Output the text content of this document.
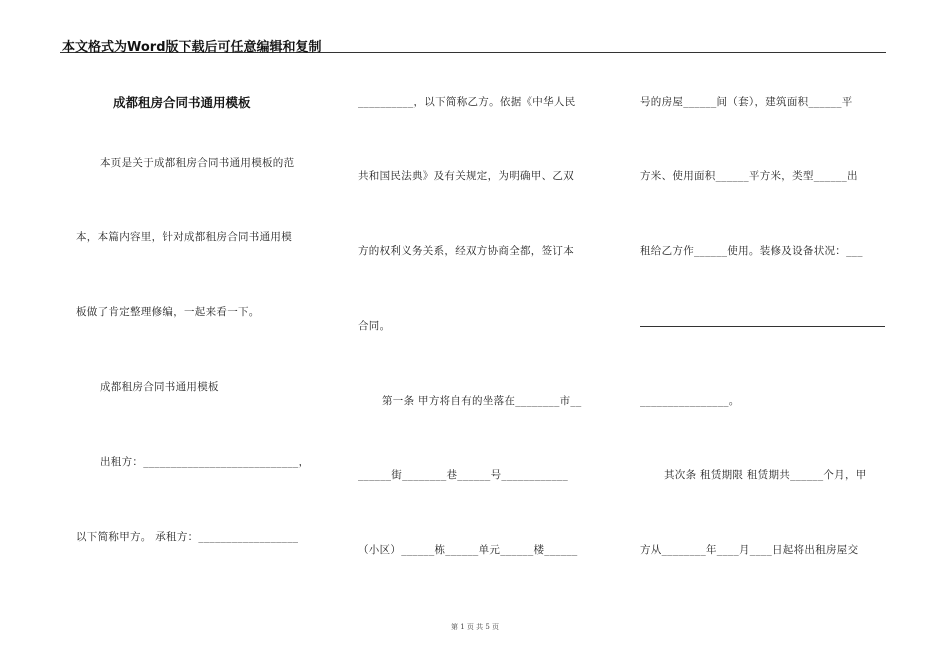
本文格式为Word版下载后可任意编辑和复制
成都租房合同书通用模板
本页是关于成都租房合同书通用模板的范
本，本篇内容里，针对成都租房合同书通用模
板做了肯定整理修编，一起来看一下。
成都租房合同书通用模板
出租方：____________________________，
以下简称甲方。 承租方：__________________
__________，以下简称乙方。依据《中华人民
共和国民法典》及有关规定，为明确甲、乙双
方的权利义务关系，经双方协商全都，签订本
合同。
第一条 甲方将自有的坐落在________市__
______街________巷______号____________
（小区）______栋______单元______楼______
号的房屋______间（套），建筑面积______平
方米、使用面积______平方米，类型______出
租给乙方作______使用。装修及设备状况：___
________________。
其次条 租赁期限 租赁期共______个月，甲
方从________年____月____日起将出租房屋交
第 1 页 共 5 页
